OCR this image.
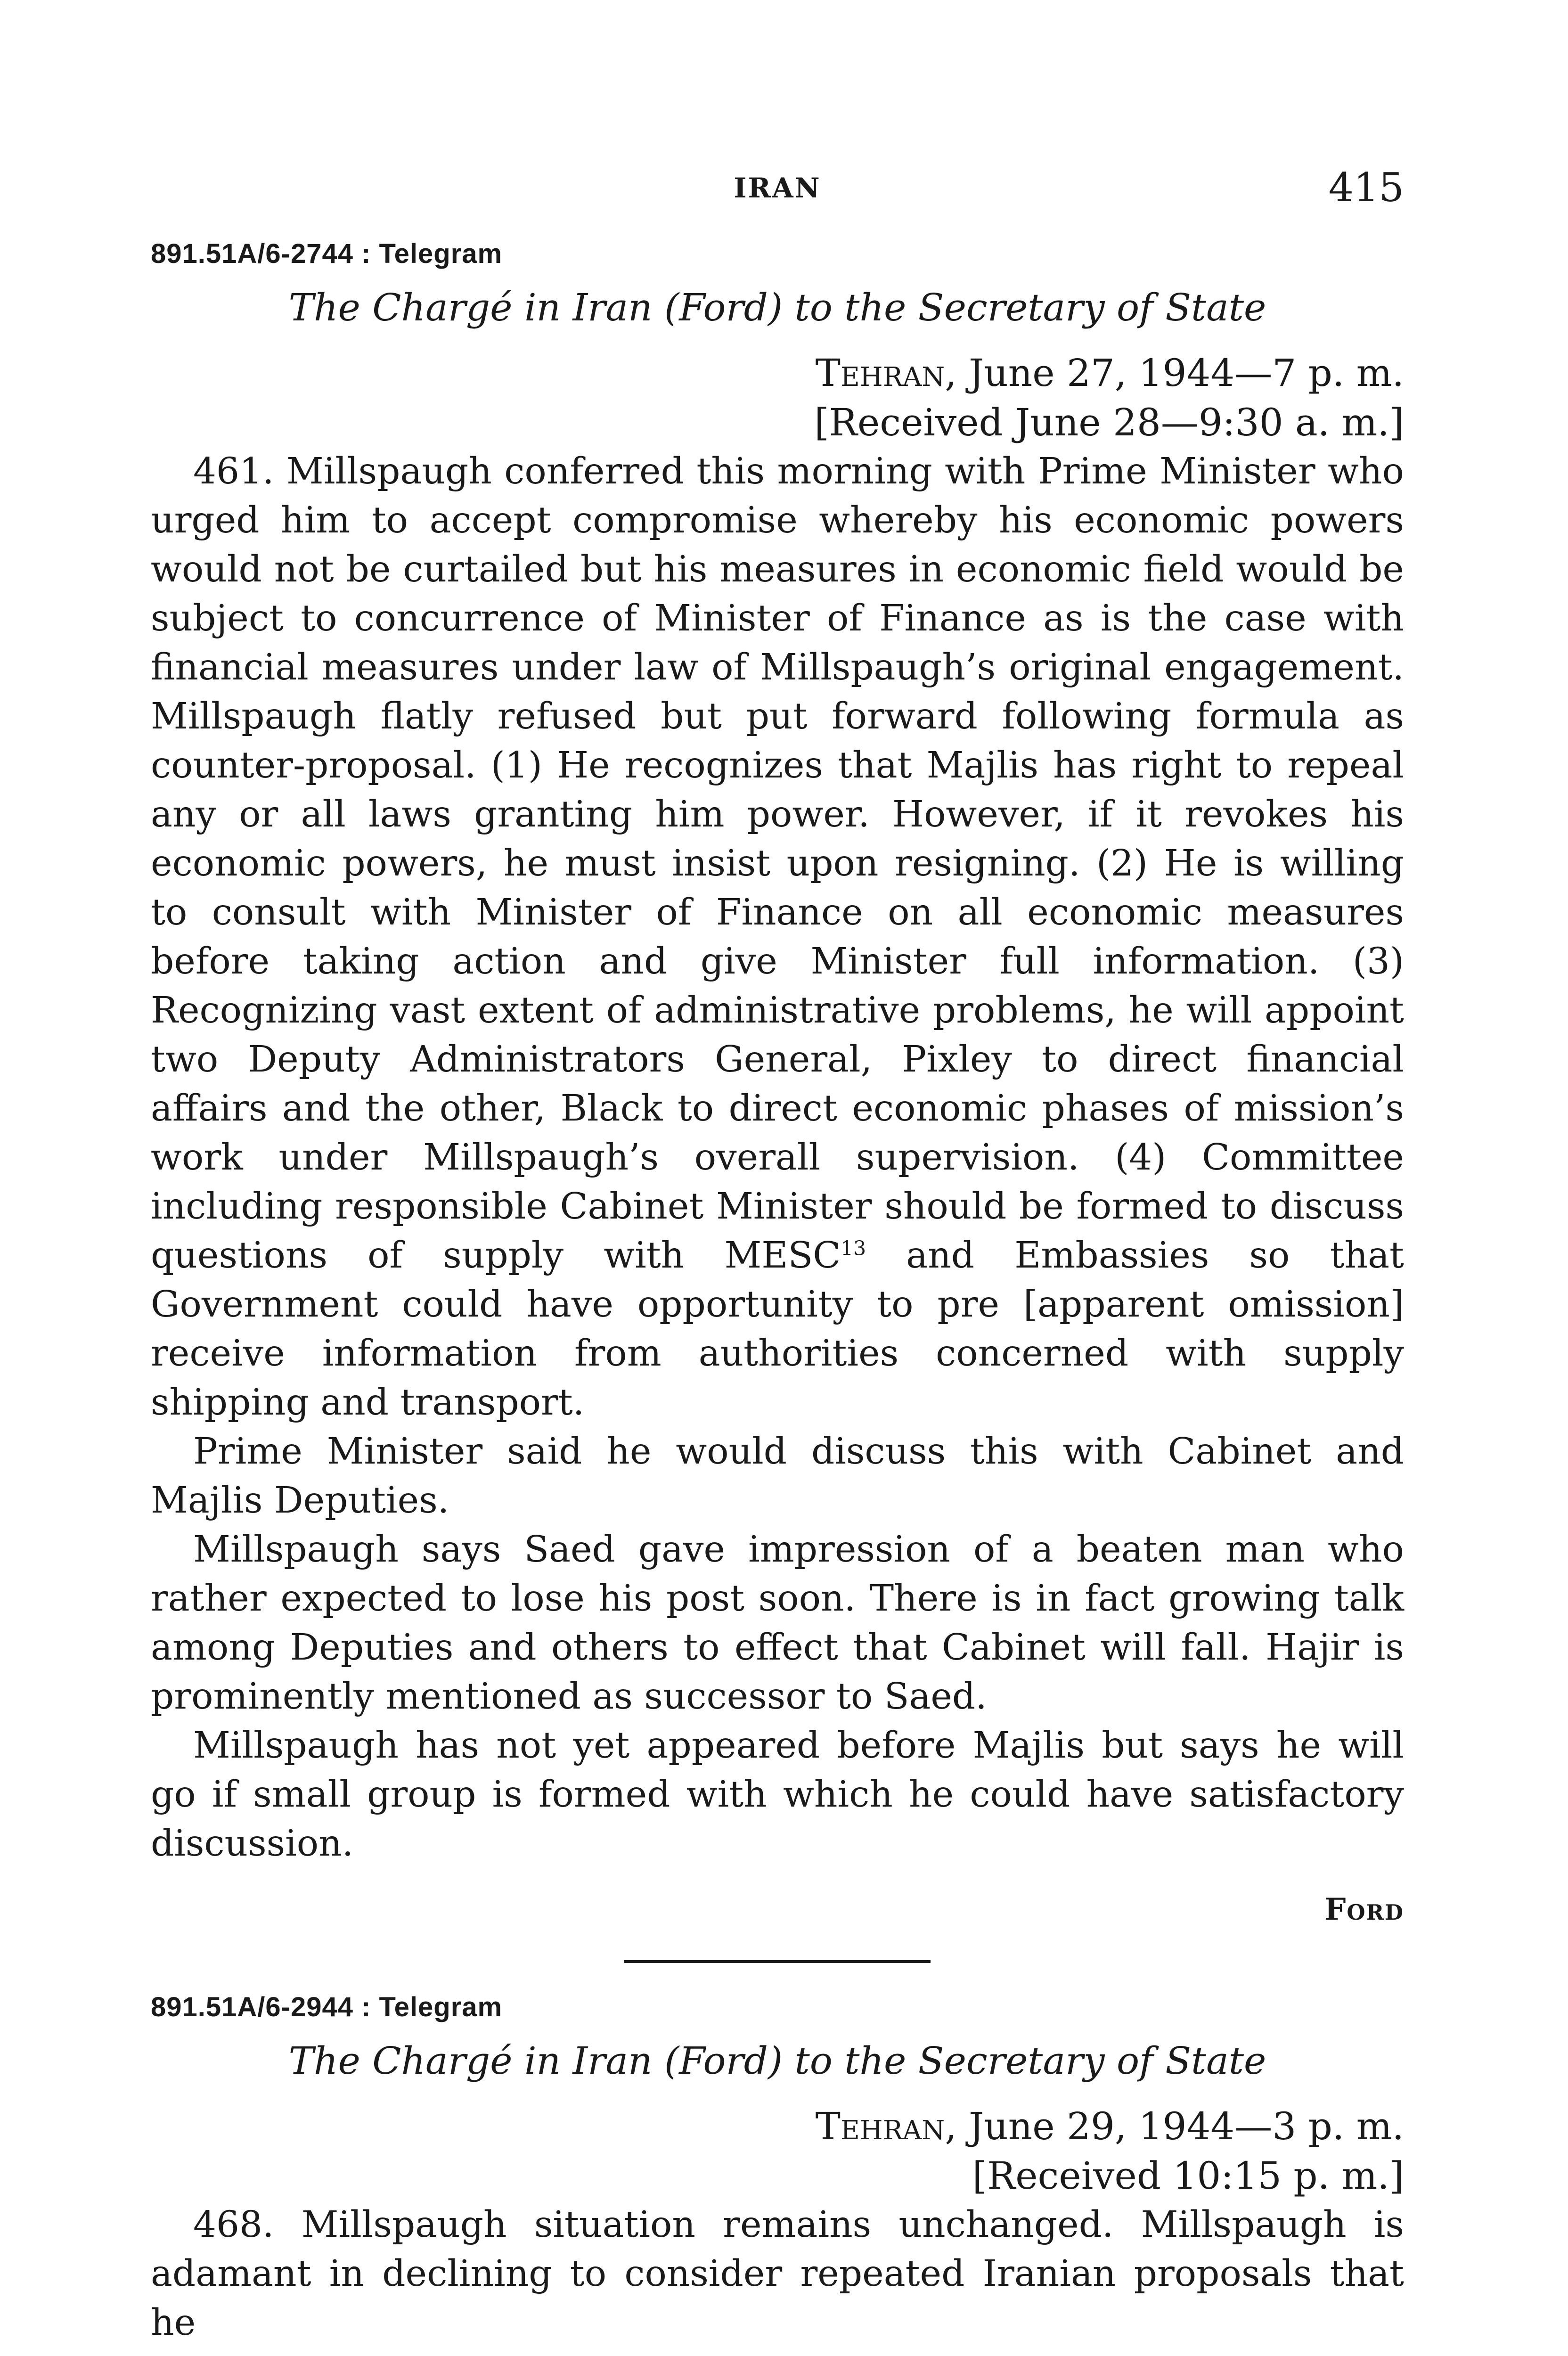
IRAN	415
891.51A/6-2744 : Telegram
The Chargé in Iran (Ford) to the Secretary of State
Tehran, June 27, 1944—7 p. m.
[Received June 28—9:30 a. m.]

461. Millspaugh conferred this morning with Prime Minister who urged him to accept compromise whereby his economic powers would not be curtailed but his measures in economic field would be subject to concurrence of Minister of Finance as is the case with financial measures under law of Millspaugh’s original engagement. Millspaugh flatly refused but put forward following formula as counter-proposal. (1) He recognizes that Majlis has right to repeal any or all laws granting him power. However, if it revokes his economic powers, he must insist upon resigning. (2) He is willing to consult with Minister of Finance on all economic measures before taking action and give Minister full information. (3) Recognizing vast extent of administrative problems, he will appoint two Deputy Administrators General, Pixley to direct financial affairs and the other, Black to direct economic phases of mission’s work under Millspaugh’s overall supervision. (4) Committee including responsible Cabinet Minister should be formed to discuss questions of supply with MESC$^{13}$ and Embassies so that Government could have opportunity to pre [apparent omission] receive information from authorities concerned with supply shipping and transport.

Prime Minister said he would discuss this with Cabinet and Majlis Deputies.

Millspaugh says Saed gave impression of a beaten man who rather expected to lose his post soon. There is in fact growing talk among Deputies and others to effect that Cabinet will fall. Hajir is prominently mentioned as successor to Saed.

Millspaugh has not yet appeared before Majlis but says he will go if small group is formed with which he could have satisfactory discussion.

Ford
891.51A/6-2944 : Telegram
The Chargé in Iran (Ford) to the Secretary of State
Tehran, June 29, 1944—3 p. m.
[Received 10:15 p. m.]

468. Millspaugh situation remains unchanged. Millspaugh is adamant in declining to consider repeated Iranian proposals that he
